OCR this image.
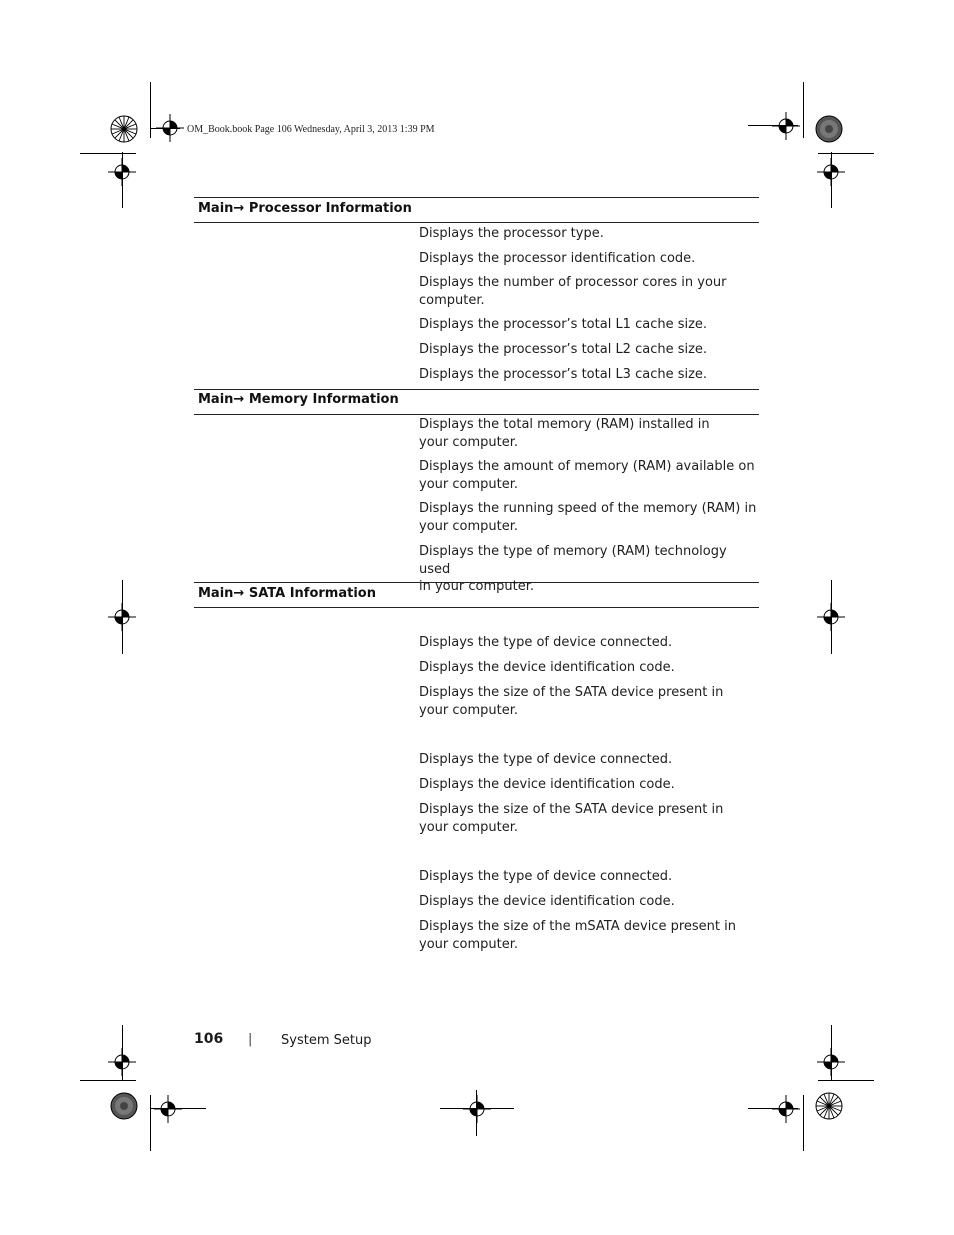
OM_Book.book Page 106 Wednesday, April 3, 2013 1:39 PM
Main→ Processor Information
Displays the processor type.
Displays the processor identification code.
Displays the number of processor cores in your
computer.
Displays the processor’s total L1 cache size.
Displays the processor’s total L2 cache size.
Displays the processor’s total L3 cache size.
Main→ Memory Information
Displays the total memory (RAM) installed in
your computer.
Displays the amount of memory (RAM) available on
your computer.
Displays the running speed of the memory (RAM) in
your computer.
Displays the type of memory (RAM) technology used
in your computer.
Main→ SATA Information
Displays the type of device connected.
Displays the device identification code.
Displays the size of the SATA device present in
your computer.
Displays the type of device connected.
Displays the device identification code.
Displays the size of the SATA device present in
your computer.
Displays the type of device connected.
Displays the device identification code.
Displays the size of the mSATA device present in
your computer.
106 | System Setup
